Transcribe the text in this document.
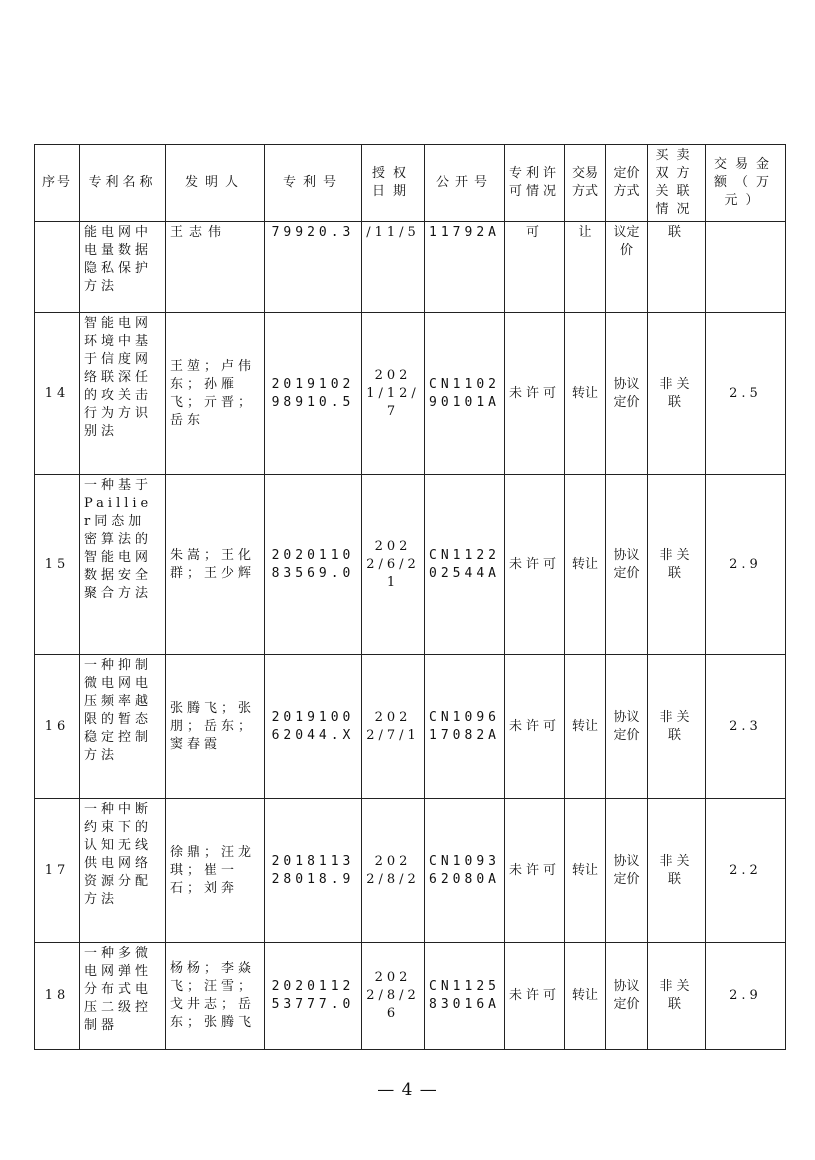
序号	专利名称	发明人	专利号	授权日期	公开号	专利许可情况	交易方式	定价方式	买卖双方关联情况	交易金额（万元）
	能电网中电量数据隐私保护方法	王志伟	79920.3	/11/5	11792A	可	让	议定价	联	
14	智能电网环境中基于信度网络联深任的攻关击行为方识别法	王堃；卢伟东；孙雁飞；亓晋；岳东	201910298910.5	2021/12/7	CN110290101A	未许可	转让	协议定价	非关联	2.5
15	一种基于Paillier同态加密算法的智能电网数据安全聚合方法	朱嵩；王化群；王少辉	202011083569.0	2022/6/21	CN112202544A	未许可	转让	协议定价	非关联	2.9
16	一种抑制微电网电压频率越限的暂态稳定控制方法	张腾飞；张朋；岳东；窦春霞	201910062044.X	2022/7/1	CN109617082A	未许可	转让	协议定价	非关联	2.3
17	一种中断约束下的认知无线供电网络资源分配方法	徐鼎；汪龙琪；崔一石；刘奔	201811328018.9	2022/8/2	CN109362080A	未许可	转让	协议定价	非关联	2.2
18	一种多微电网弹性分布式电压二级控制器	杨杨；李焱飞；汪雪；戈井志；岳东；张腾飞	202011253777.0	2022/8/26	CN112583016A	未许可	转让	协议定价	非关联	2.9
— 4 —
